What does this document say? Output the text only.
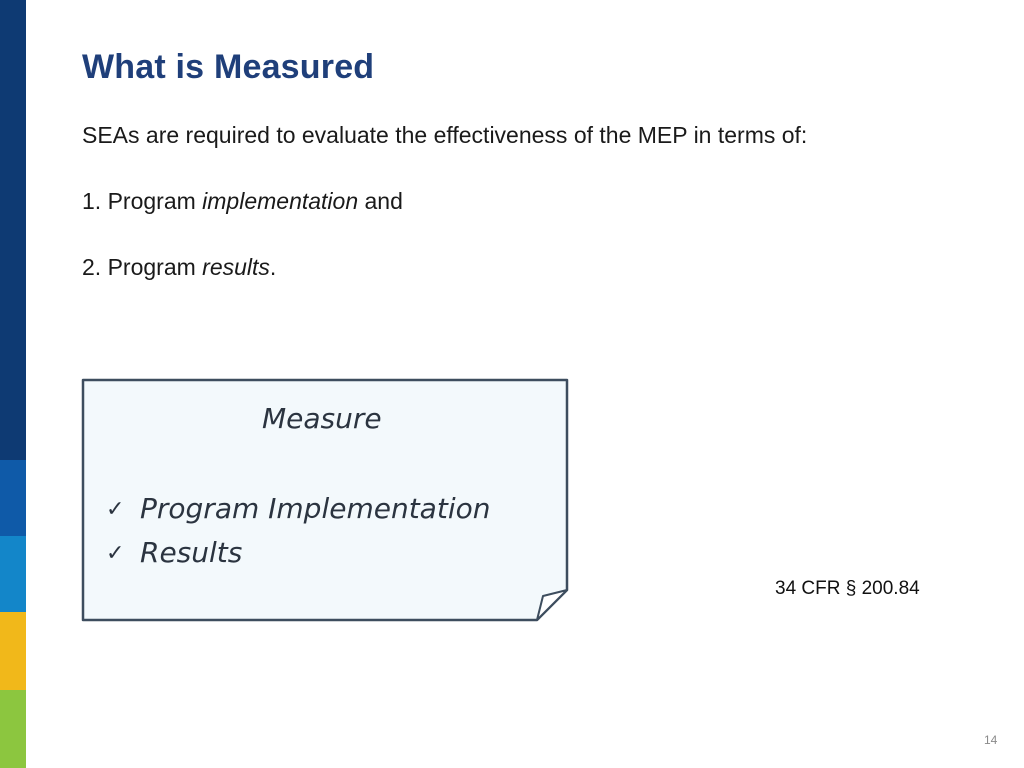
What is Measured

SEAs are required to evaluate the effectiveness of the MEP in terms of:

1. Program implementation and

2. Program results.

Measure
✓ Program Implementation
✓ Results

34 CFR § 200.84

14
